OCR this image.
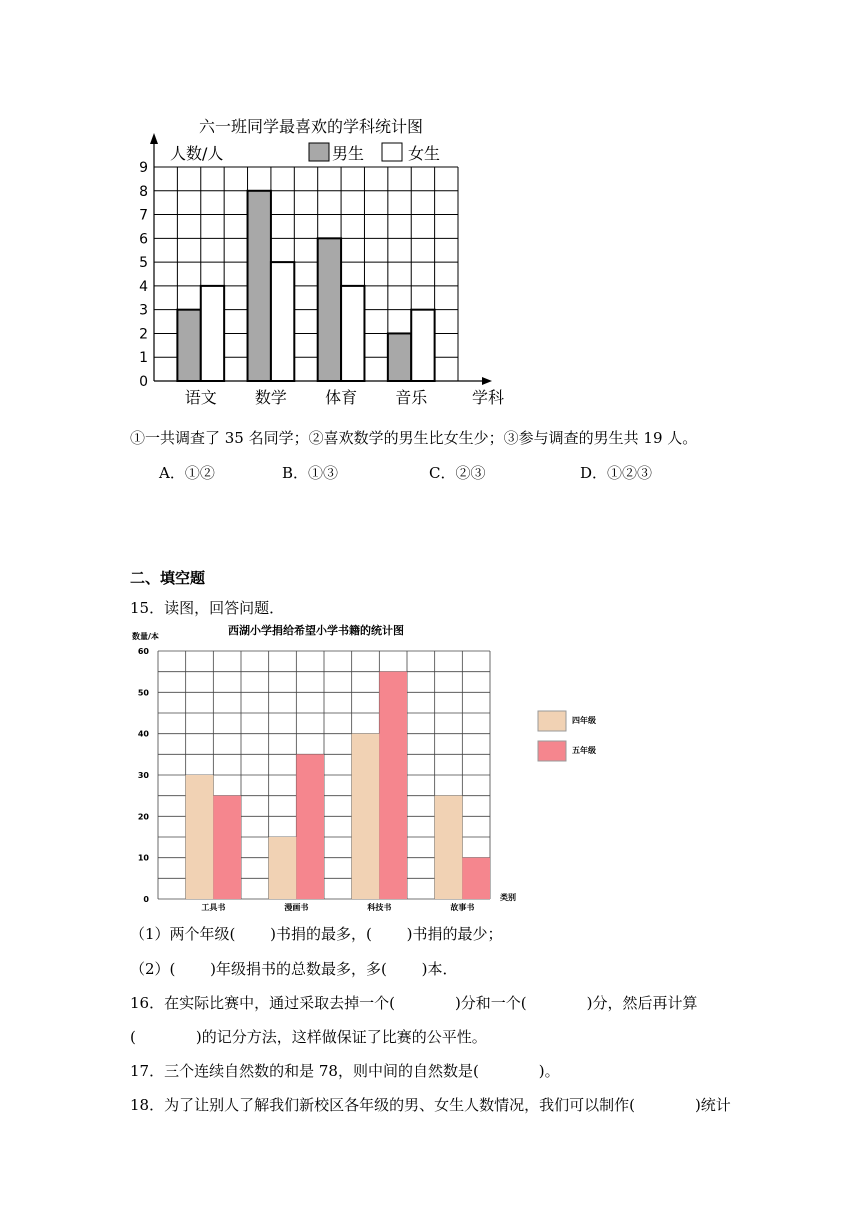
六一班同学最喜欢的学科统计图
人数/人
学科
男生	女生
0
1
2
3
4
5
6
7
8
9
语文 数学 体育 音乐
①一共调查了 35 名同学；②喜欢数学的男生比女生少；③参与调查的男生共 19 人。
A．①②	B．①③	C．②③	D．①②③
二、填空题
15．读图，回答问题．
西湖小学捐给希望小学书籍的统计图
数量/本
类别
四年级
五年级
0
10
20
30
40
50
60
工具书	漫画书	科技书	故事书
（1）两个年级(　　 )书捐的最多，(　　 )书捐的最少；
（2）(　　 )年级捐书的总数最多，多(　　 )本．
16．在实际比赛中，通过采取去掉一个(　　　　)分和一个(　　　　)分，然后再计算
(　　　　)的记分方法，这样做保证了比赛的公平性。
17．三个连续自然数的和是 78，则中间的自然数是(　　　　)。
18．为了让别人了解我们新校区各年级的男、女生人数情况，我们可以制作(　　　　)统计
